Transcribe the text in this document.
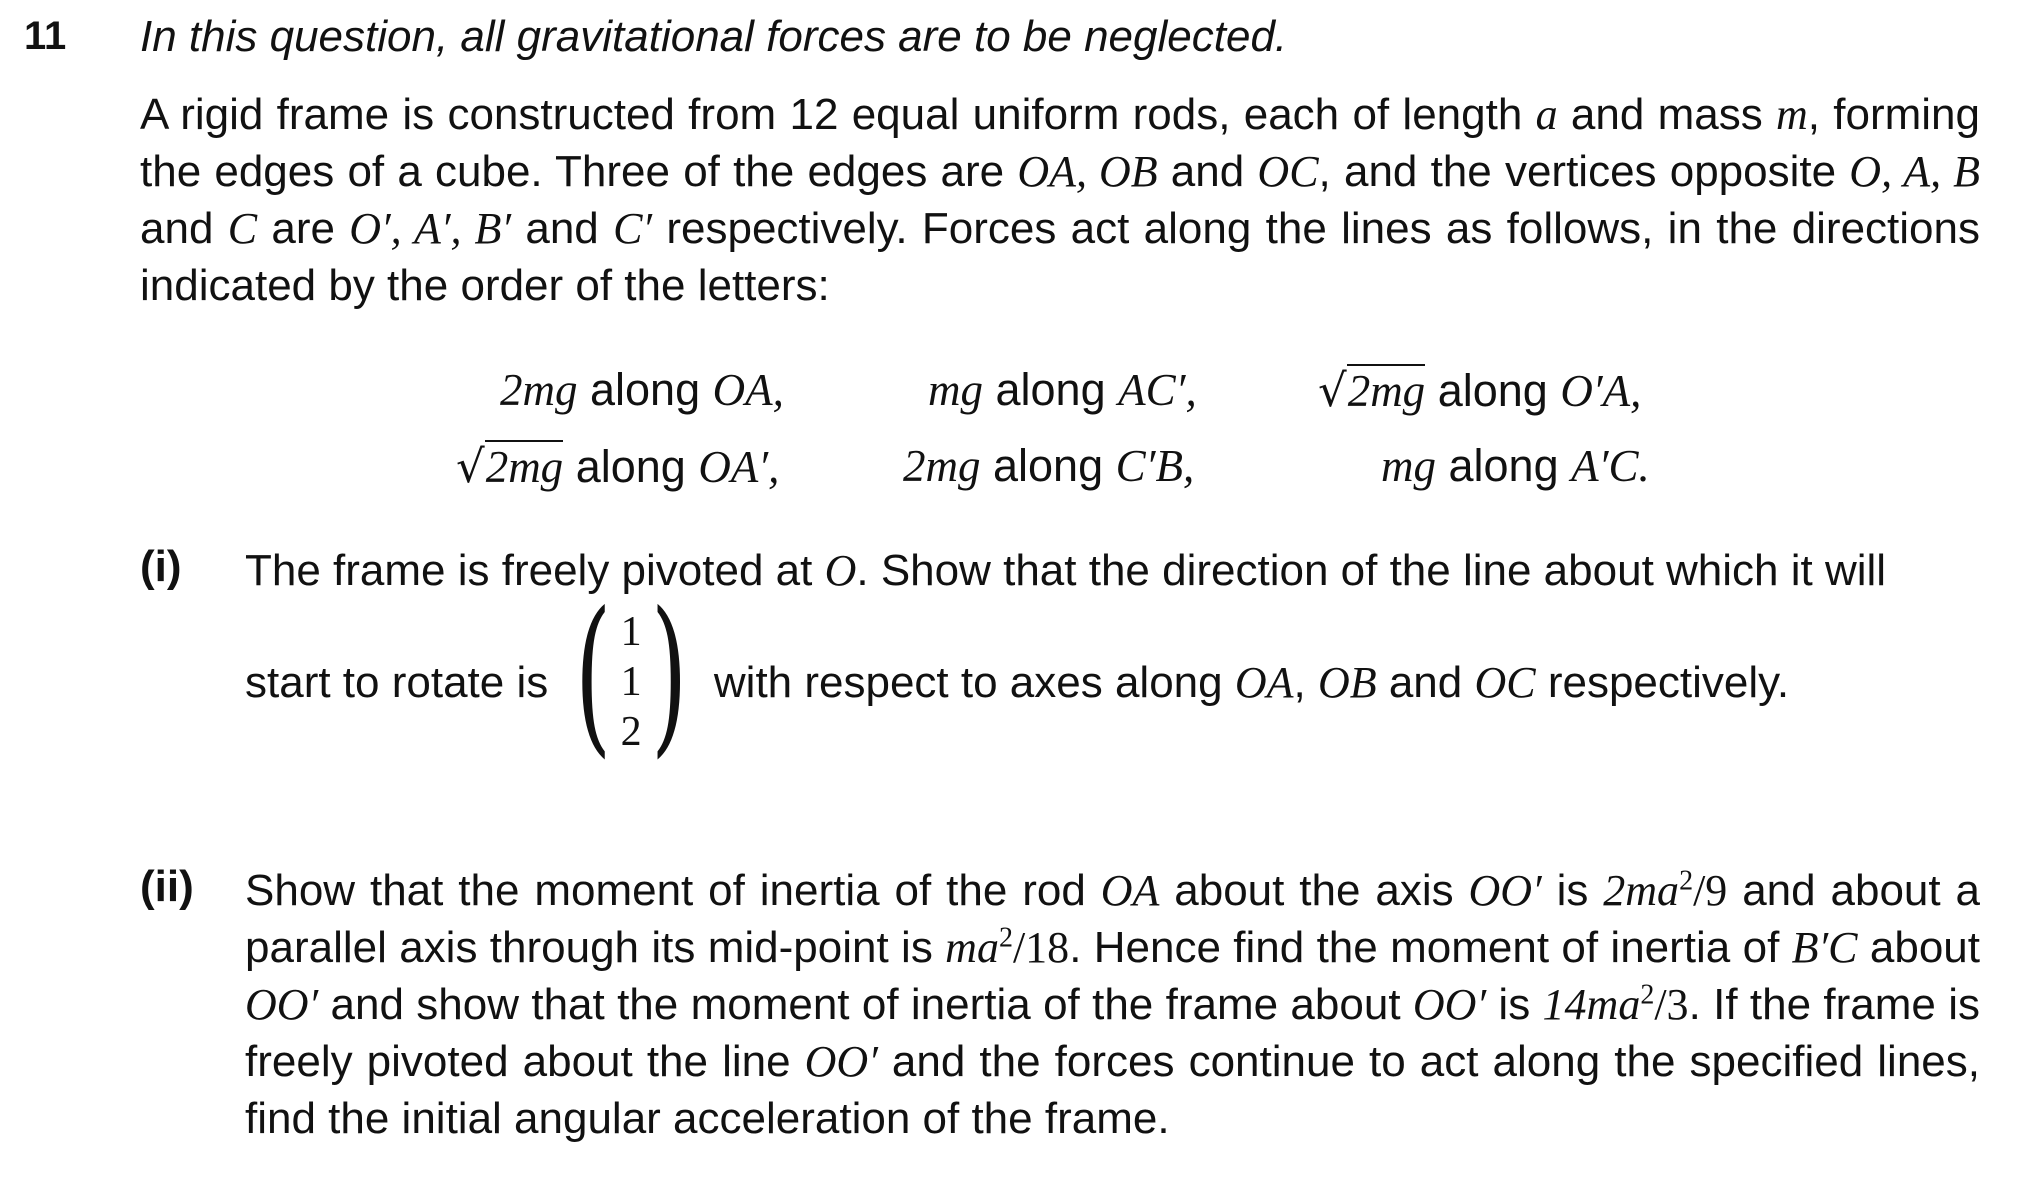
11 In this question, all gravitational forces are to be neglected.
A rigid frame is constructed from 12 equal uniform rods, each of length a and mass m, forming the edges of a cube. Three of the edges are OA, OB and OC, and the vertices opposite O, A, B and C are O′, A′, B′ and C′ respectively. Forces act along the lines as follows, in the directions indicated by the order of the letters:
2mg along OA,	mg along AC′,	√2mg along O′A,
√2mg along OA′,	2mg along C′B,	mg along A′C.
(i) The frame is freely pivoted at O. Show that the direction of the line about which it will
start to rotate is ( 1
1
2 ) with respect to axes along OA, OB and OC respectively.
(ii) Show that the moment of inertia of the rod OA about the axis OO′ is $2ma^2/9$ and about a parallel axis through its mid-point is $ma^2/18$. Hence find the moment of inertia of B′C about OO′ and show that the moment of inertia of the frame about OO′ is $14ma^2/3$. If the frame is freely pivoted about the line OO′ and the forces continue to act along the specified lines, find the initial angular acceleration of the frame.
